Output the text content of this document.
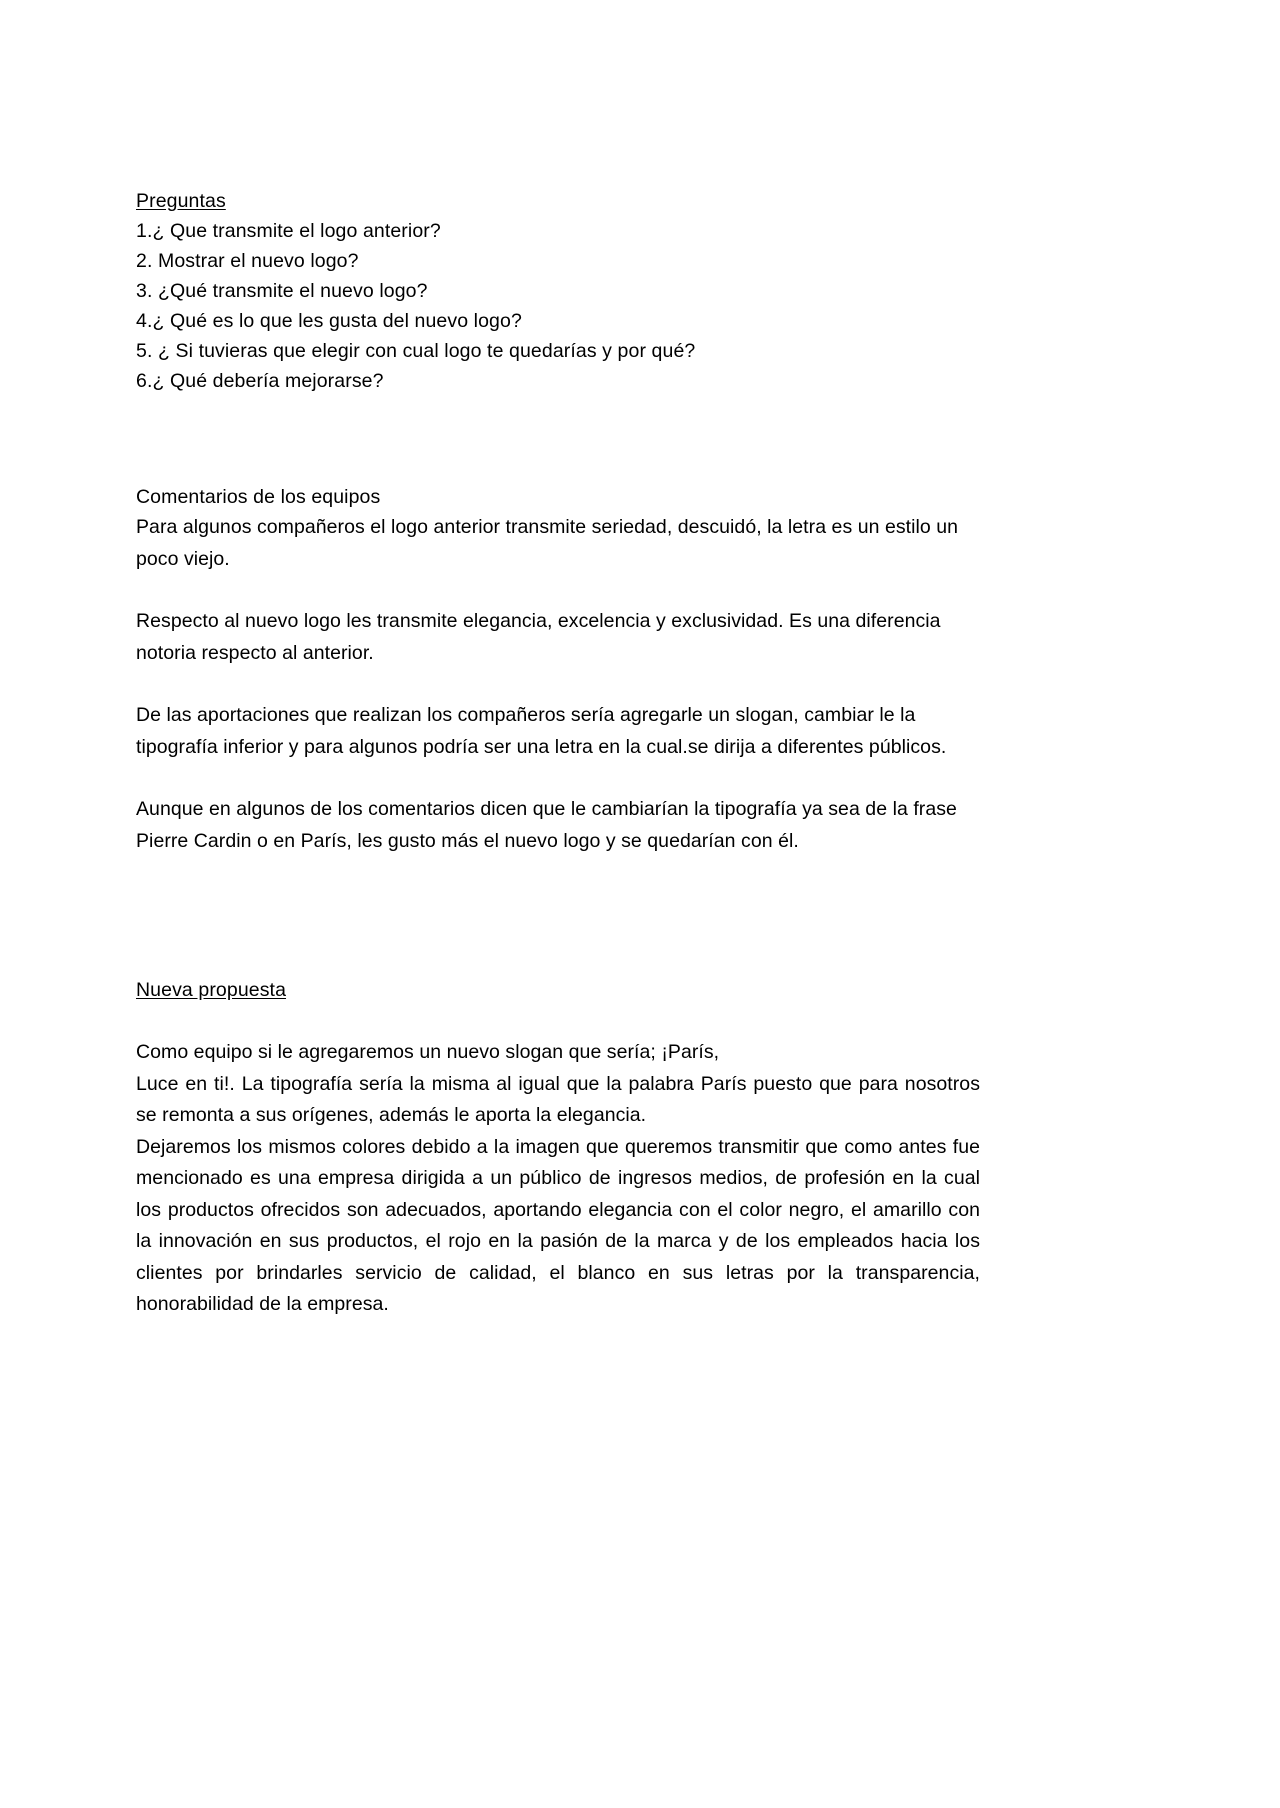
Preguntas
1.¿ Que transmite el logo anterior?
2. Mostrar el nuevo logo?
3. ¿Qué transmite el nuevo logo?
4.¿ Qué es lo que les gusta del nuevo logo?
5. ¿ Si tuvieras que elegir con cual logo te quedarías y por qué?
6.¿ Qué debería mejorarse?
Comentarios de los equipos

Para algunos compañeros el logo anterior transmite seriedad, descuidó, la letra es un estilo un poco viejo.

Respecto al nuevo logo les transmite elegancia, excelencia y exclusividad. Es una diferencia notoria respecto al anterior.

De las aportaciones que realizan los compañeros sería agregarle un slogan, cambiar le la tipografía inferior y para algunos podría ser una letra en la cual.se dirija a diferentes públicos.

Aunque en algunos de los comentarios dicen que le cambiarían la tipografía ya sea de la frase Pierre Cardin o en París, les gusto más el nuevo logo y se quedarían con él.

Nueva propuesta

Como equipo si le agregaremos un nuevo slogan que sería; ¡París,

Luce en ti!. La tipografía sería la misma al igual que la palabra París puesto que para nosotros se remonta a sus orígenes, además le aporta la elegancia.

Dejaremos los mismos colores debido a la imagen que queremos transmitir que como antes fue mencionado es una empresa dirigida a un público de ingresos medios, de profesión en la cual los productos ofrecidos son adecuados, aportando elegancia con el color negro, el amarillo con la innovación en sus productos, el rojo en la pasión de la marca y de los empleados hacia los clientes por brindarles servicio de calidad, el blanco en sus letras por la transparencia, honorabilidad de la empresa.
